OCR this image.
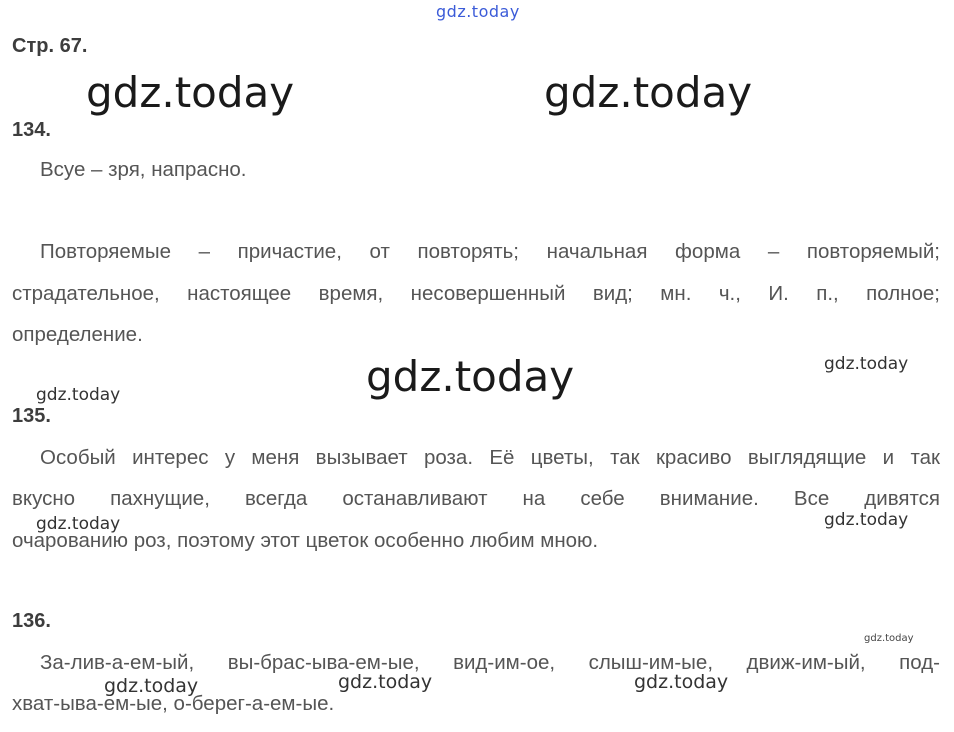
gdz.today
gdz.today	gdz.today
gdz.today	gdz.today
gdz.today
gdz.today	gdz.today
gdz.today
gdz.today	gdz.today	gdz.today
Стр. 67.
134.
Всуе – зря, напрасно.
Повторяемые – причастие, от повторять; начальная форма – повторяемый;
страдательное, настоящее время, несовершенный вид; мн. ч., И. п., полное;
определение.
135.
Особый интерес у меня вызывает роза. Её цветы, так красиво выглядящие и так
вкусно пахнущие, всегда останавливают на себе внимание. Все дивятся
очарованию роз, поэтому этот цветок особенно любим мною.
136.
За-лив-а-ем-ый, вы-брас-ыва-ем-ые, вид-им-ое, слыш-им-ые, движ-им-ый, под-
хват-ыва-ем-ые, о-берег-а-ем-ые.
